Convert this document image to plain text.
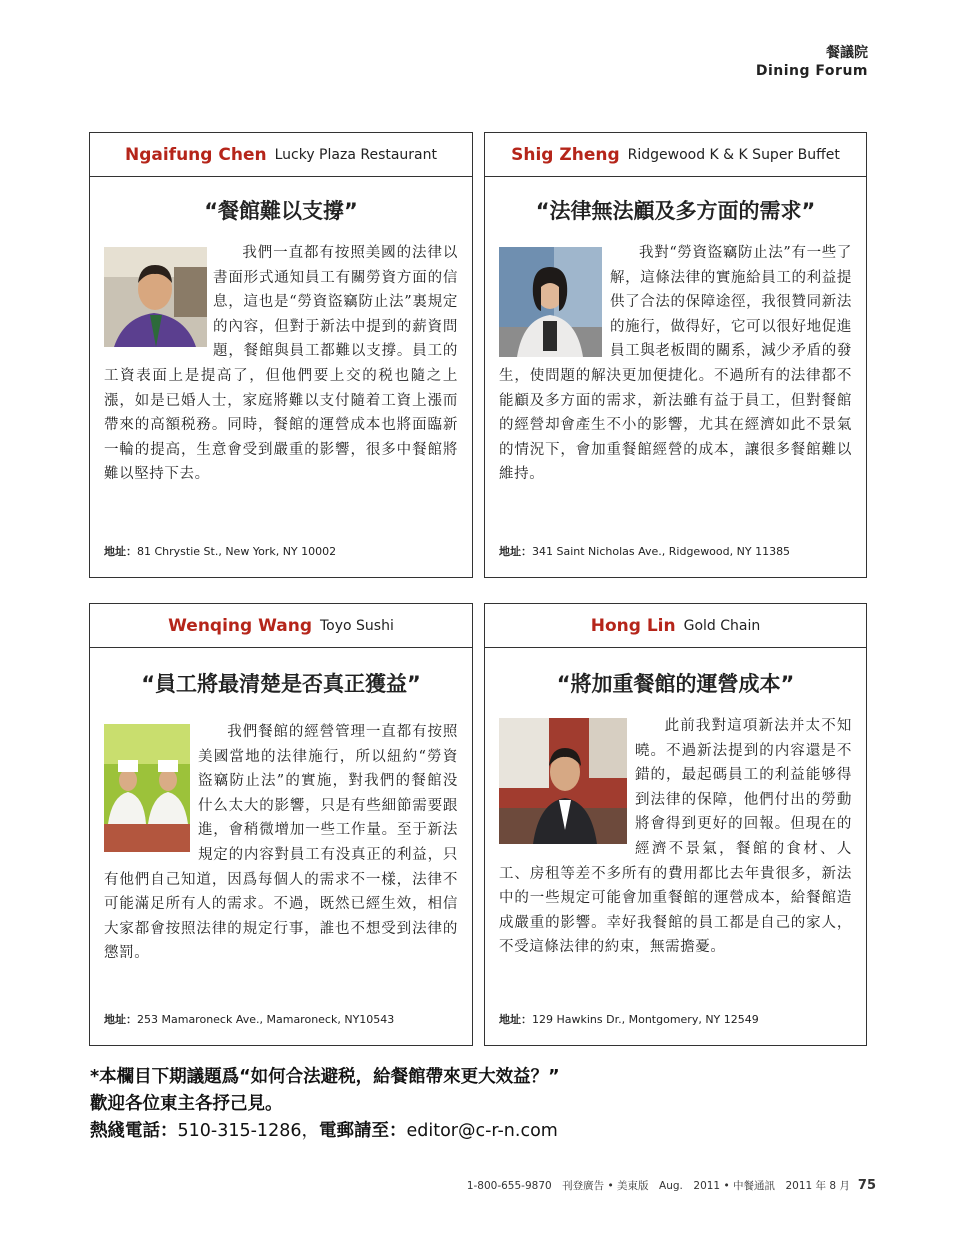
餐議院
Dining Forum
Ngaifung Chen Lucky Plaza Restaurant
“餐館難以支撐”
我們一直都有按照美國的法律以書面形式通知員工有關勞資方面的信息，這也是“勞資盜竊防止法”裏規定的內容，但對于新法中提到的薪資問題，餐館與員工都難以支撐。員工的工資表面上是提高了，但他們要上交的税也隨之上漲，如是已婚人士，家庭將難以支付隨着工資上漲而帶來的高額税務。同時，餐館的運營成本也將面臨新一輪的提高，生意會受到嚴重的影響，很多中餐館將難以堅持下去。
地址：81 Chrystie St., New York, NY 10002
Shig Zheng Ridgewood K & K Super Buffet
“法律無法顧及多方面的需求”
我對“勞資盜竊防止法”有一些了解，這條法律的實施給員工的利益提供了合法的保障途徑，我很贊同新法的施行，做得好，它可以很好地促進員工與老板間的關系，減少矛盾的發生，使問題的解決更加便捷化。不過所有的法律都不能顧及多方面的需求，新法雖有益于員工，但對餐館的經營却會產生不小的影響，尤其在經濟如此不景氣的情況下，會加重餐館經營的成本，讓很多餐館難以維持。
地址：341 Saint Nicholas Ave., Ridgewood, NY 11385
Wenqing Wang Toyo Sushi
“員工將最清楚是否真正獲益”
我們餐館的經營管理一直都有按照美國當地的法律施行，所以紐約“勞資盜竊防止法”的實施，對我們的餐館没什么太大的影響，只是有些細節需要跟進，會稍微增加一些工作量。至于新法規定的内容對員工有没真正的利益，只有他們自己知道，因爲每個人的需求不一樣，法律不可能滿足所有人的需求。不過，既然已經生效，相信大家都會按照法律的規定行事，誰也不想受到法律的懲罰。
地址：253 Mamaroneck Ave., Mamaroneck, NY10543
Hong Lin Gold Chain
“將加重餐館的運營成本”
此前我對這項新法并太不知曉。不過新法提到的内容還是不錯的，最起碼員工的利益能够得到法律的保障，他們付出的勞動將會得到更好的回報。但現在的經濟不景氣，餐館的食材、人工、房租等差不多所有的費用都比去年貴很多，新法中的一些規定可能會加重餐館的運營成本，給餐館造成嚴重的影響。幸好我餐館的員工都是自己的家人，不受這條法律的約束，無需擔憂。
地址：129 Hawkins Dr., Montgomery, NY 12549
*本欄目下期議題爲“如何合法避税，給餐館帶來更大效益？”
歡迎各位東主各抒己見。
熱綫電話：510-315-1286，電郵請至：editor@c-r-n.com
1-800-655-9870　刊登廣告 • 美東版　Aug.　2011 • 中餐通訊　2011 年 8 月 75
